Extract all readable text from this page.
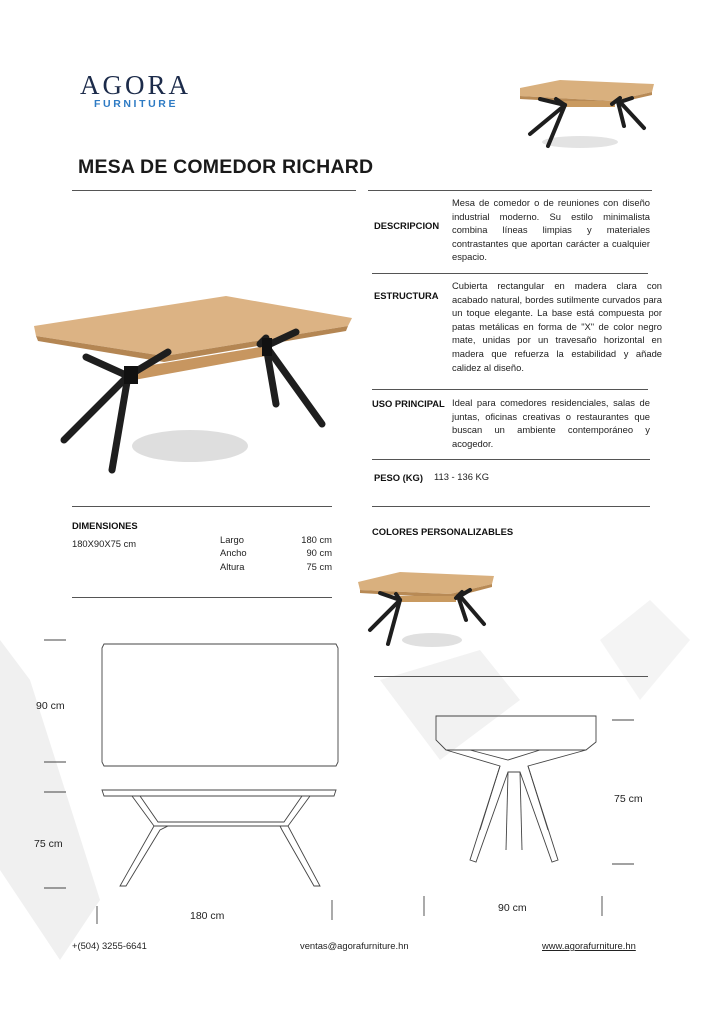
AGORA
FURNITURE
MESA DE COMEDOR RICHARD
DESCRIPCION
Mesa de comedor o de reuniones con diseño industrial moderno. Su estilo minimalista combina líneas limpias y materiales contrastantes que aportan carácter a cualquier espacio.
ESTRUCTURA
Cubierta rectangular en madera clara con acabado natural, bordes sutilmente curvados para un toque elegante. La base está compuesta por patas metálicas en forma de "X" de color negro mate, unidas por un travesaño horizontal en madera que refuerza la estabilidad y añade calidez al diseño.
USO PRINCIPAL Ideal para comedores residenciales, salas de juntas, oficinas creativas o restaurantes que buscan un ambiente contemporáneo y acogedor.
PESO (KG) 113 - 136 KG
DIMENSIONES
180X90X75 cm	Largo	180 cm
Ancho	90 cm
Altura	75 cm
COLORES PERSONALIZABLES
90 cm
75 cm
180 cm
75 cm
90 cm
+(504) 3255-6641	ventas@agorafurniture.hn	www.agorafurniture.hn
